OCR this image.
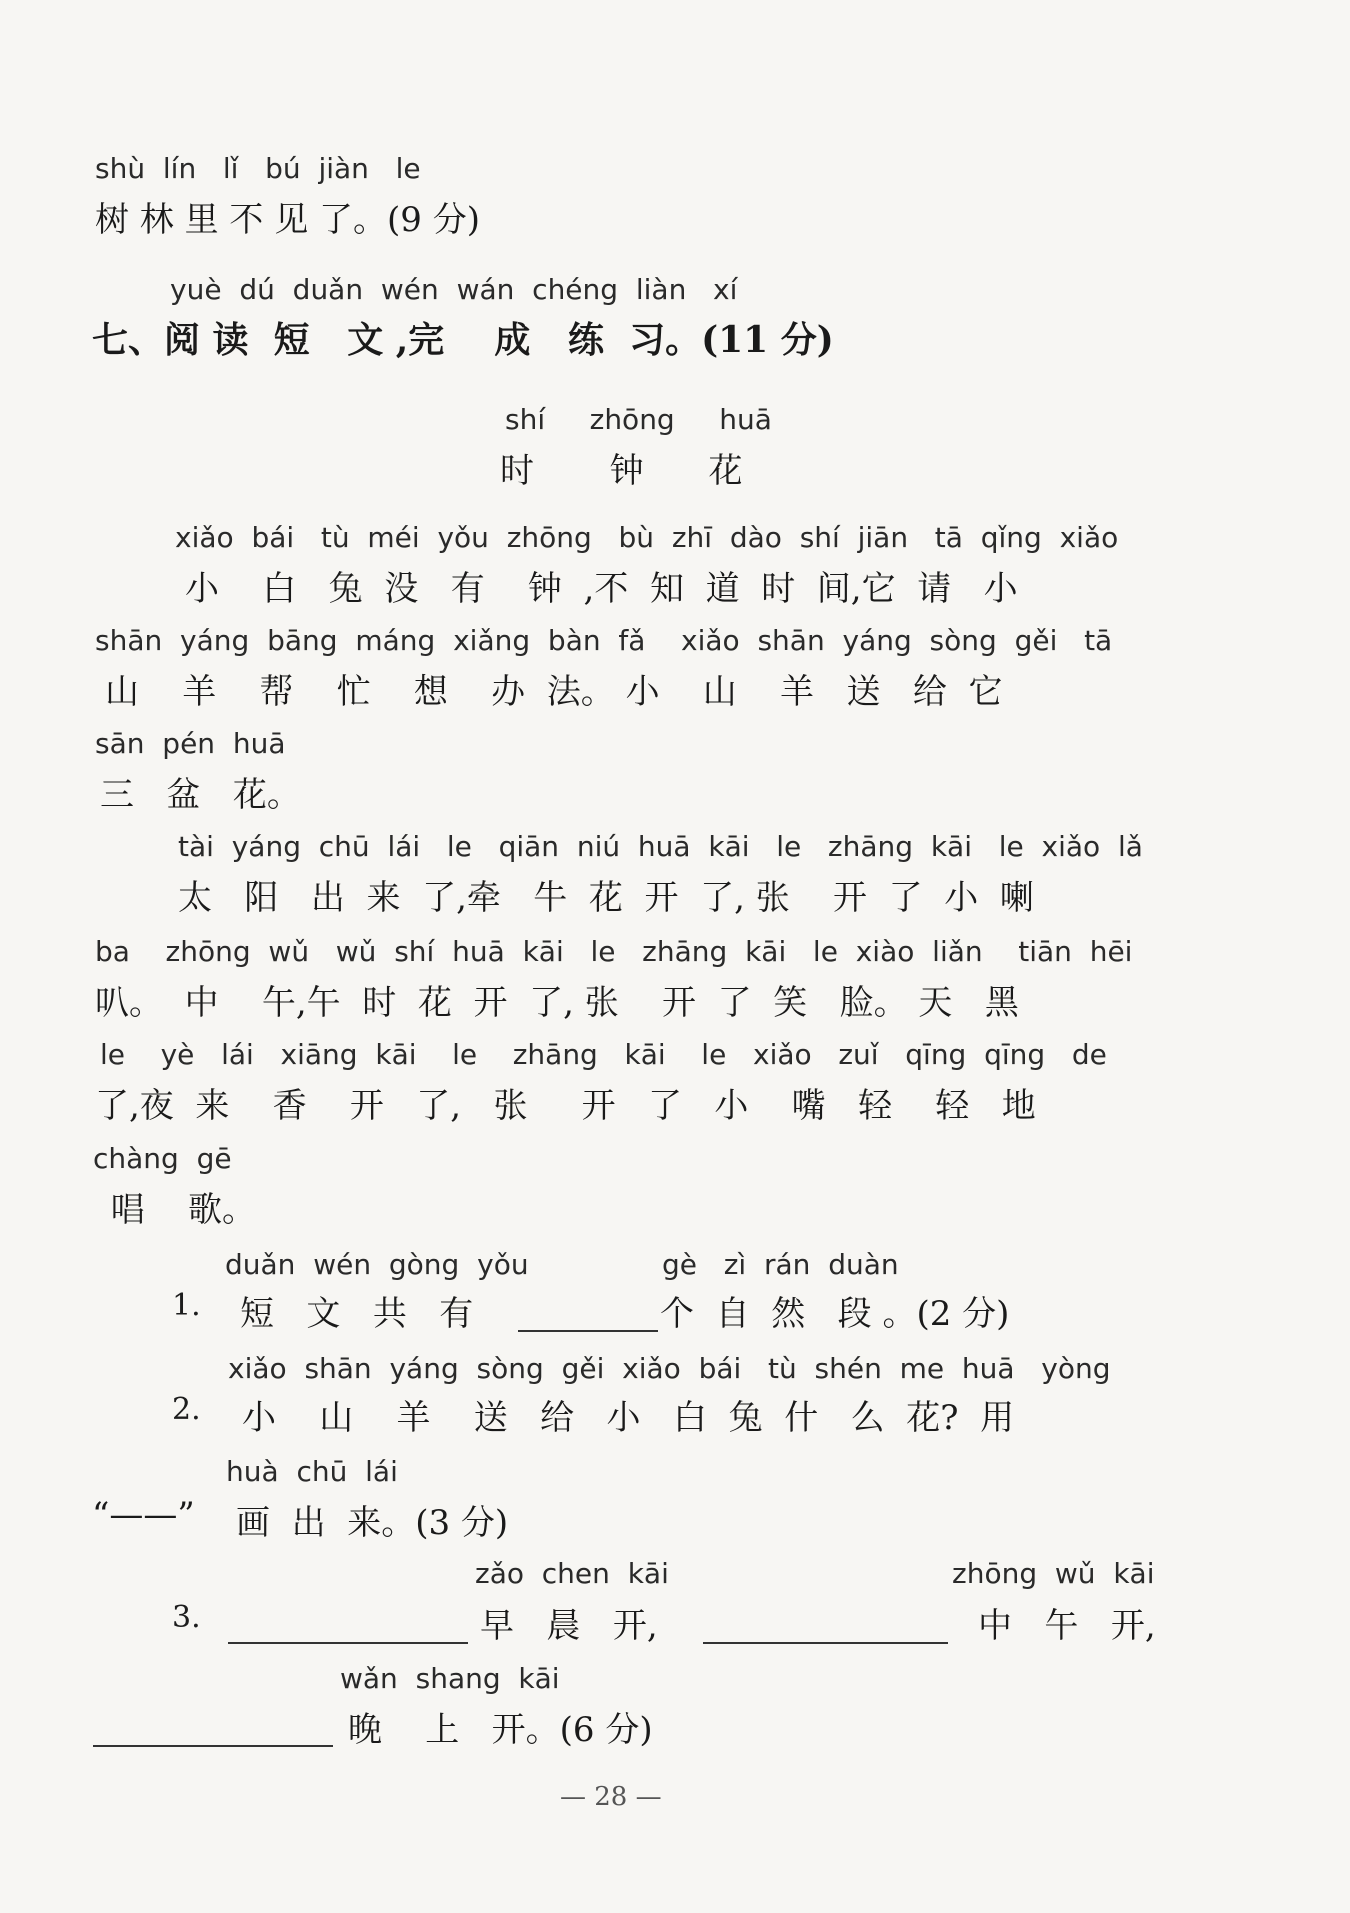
shù  lín   lǐ   bú  jiàn   le
树 林 里 不 见 了。(9 分)
yuè  dú  duǎn  wén  wán  chéng  liàn   xí
七、阅 读  短   文 ,完    成   练  习。(11 分)
shí     zhōng     huā
时       钟      花
xiǎo  bái   tù  méi  yǒu  zhōng   bù  zhī  dào  shí  jiān   tā  qǐng  xiǎo
小    白   兔  没   有    钟  ,不  知  道  时  间,它  请   小
shān  yáng  bāng  máng  xiǎng  bàn  fǎ    xiǎo  shān  yáng  sòng  gěi   tā
山    羊    帮    忙    想    办  法。 小    山    羊   送   给  它
sān  pén  huā
三   盆   花。
tài  yáng  chū  lái   le   qiān  niú  huā  kāi   le   zhāng  kāi   le  xiǎo  lǎ
太   阳   出  来  了,牵   牛  花  开  了, 张    开  了  小  喇
ba    zhōng  wǔ   wǔ  shí  huā  kāi   le   zhāng  kāi   le  xiào  liǎn    tiān  hēi
叭。  中    午,午  时  花  开  了, 张    开  了  笑   脸。 天   黑
le    yè   lái   xiāng  kāi    le    zhāng   kāi    le   xiǎo   zuǐ   qīng  qīng   de
了,夜  来    香    开   了,   张     开   了   小    嘴   轻    轻   地
chàng  gē
唱    歌。
duǎn  wén  gòng  yǒu	gè   zì  rán  duàn
1. 短   文   共   有	个  自  然   段 。(2 分)
xiǎo  shān  yáng  sòng  gěi  xiǎo  bái   tù  shén  me  huā   yòng
2. 小    山    羊    送   给   小   白  兔  什   么  花?  用
huà  chū  lái
“——” 画  出  来。(3 分)
zǎo  chen  kāi	zhōng  wǔ  kāi
3.	早   晨   开,	中   午   开,
wǎn  shang  kāi
晚    上   开。(6 分)
— 28 —
